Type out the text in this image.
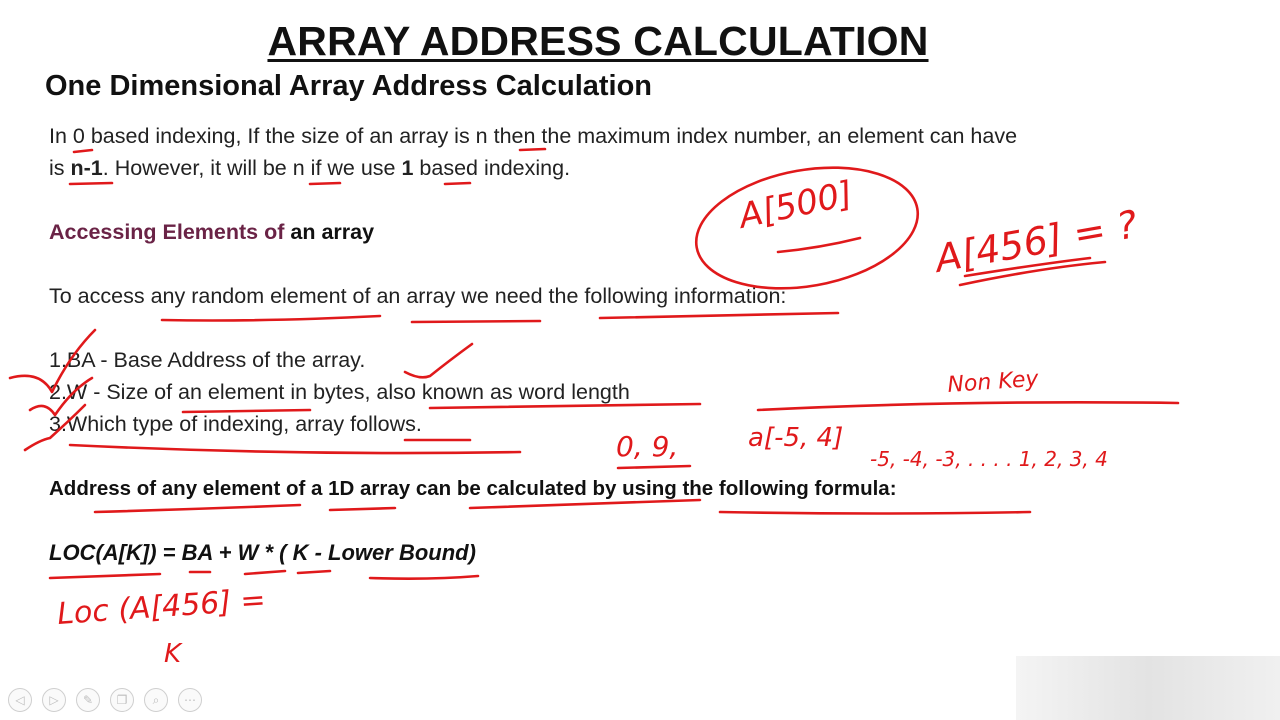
ARRAY ADDRESS CALCULATION
One Dimensional Array Address Calculation
In 0 based indexing, If the size of an array is n then the maximum index number, an element can have
is n-1. However, it will be n if we use 1 based indexing.
Accessing Elements of an array
To access any random element of an array we need the following information:
1.BA - Base Address of the array.
2.W - Size of an element in bytes, also known as word length
3.Which type of indexing, array follows.
Address of any element of a 1D array can be calculated by using the following formula:
LOC(A[K]) = BA + W * ( K - Lower Bound)
A[500] A[456] = ?
Non Key
0, 9,	a[-5, 4]
-5, -4, -3, . . . . 1, 2, 3, 4
Loc (A[456] =
K
◁	▷	✎	❐	⌕	⋯
